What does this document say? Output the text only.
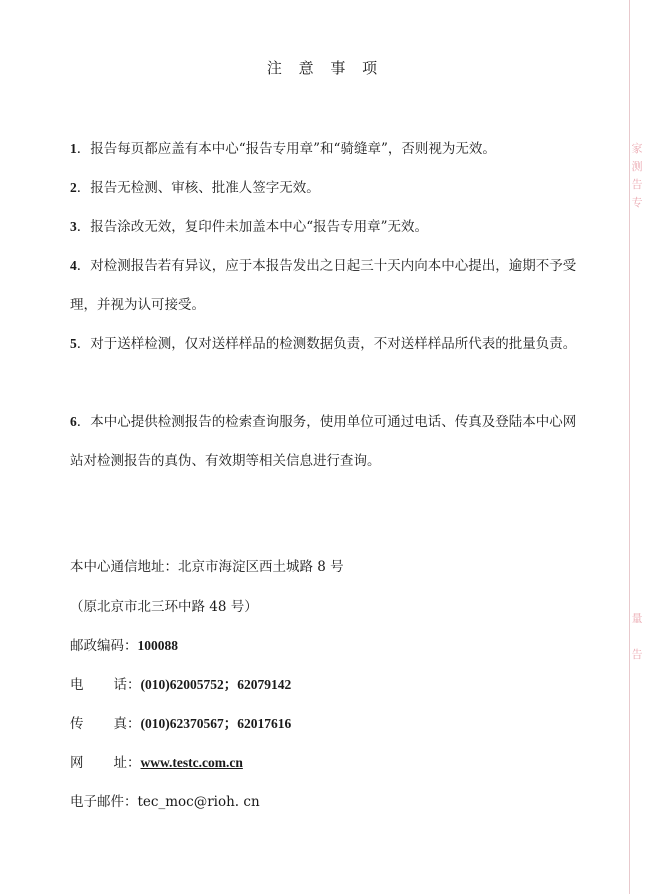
注 意 事 项

1．报告每页都应盖有本中心“报告专用章”和“骑缝章”，否则视为无效。

2．报告无检测、审核、批准人签字无效。

3．报告涂改无效，复印件未加盖本中心“报告专用章”无效。

4．对检测报告若有异议，应于本报告发出之日起三十天内向本中心提出，逾期不予受理，并视为认可接受。

5．对于送样检测，仅对送样样品的检测数据负责，不对送样样品所代表的批量负责。

6．本中心提供检测报告的检索查询服务，使用单位可通过电话、传真及登陆本中心网站对检测报告的真伪、有效期等相关信息进行查询。

本中心通信地址：北京市海淀区西土城路 8 号
（原北京市北三环中路 48 号）
邮政编码：100088
电 话：(010)62005752；62079142
传 真：(010)62370567；62017616
网 址：www.testc.com.cn
电子邮件：tec_moc@rioh. cn
家
测
告
专
量

告
